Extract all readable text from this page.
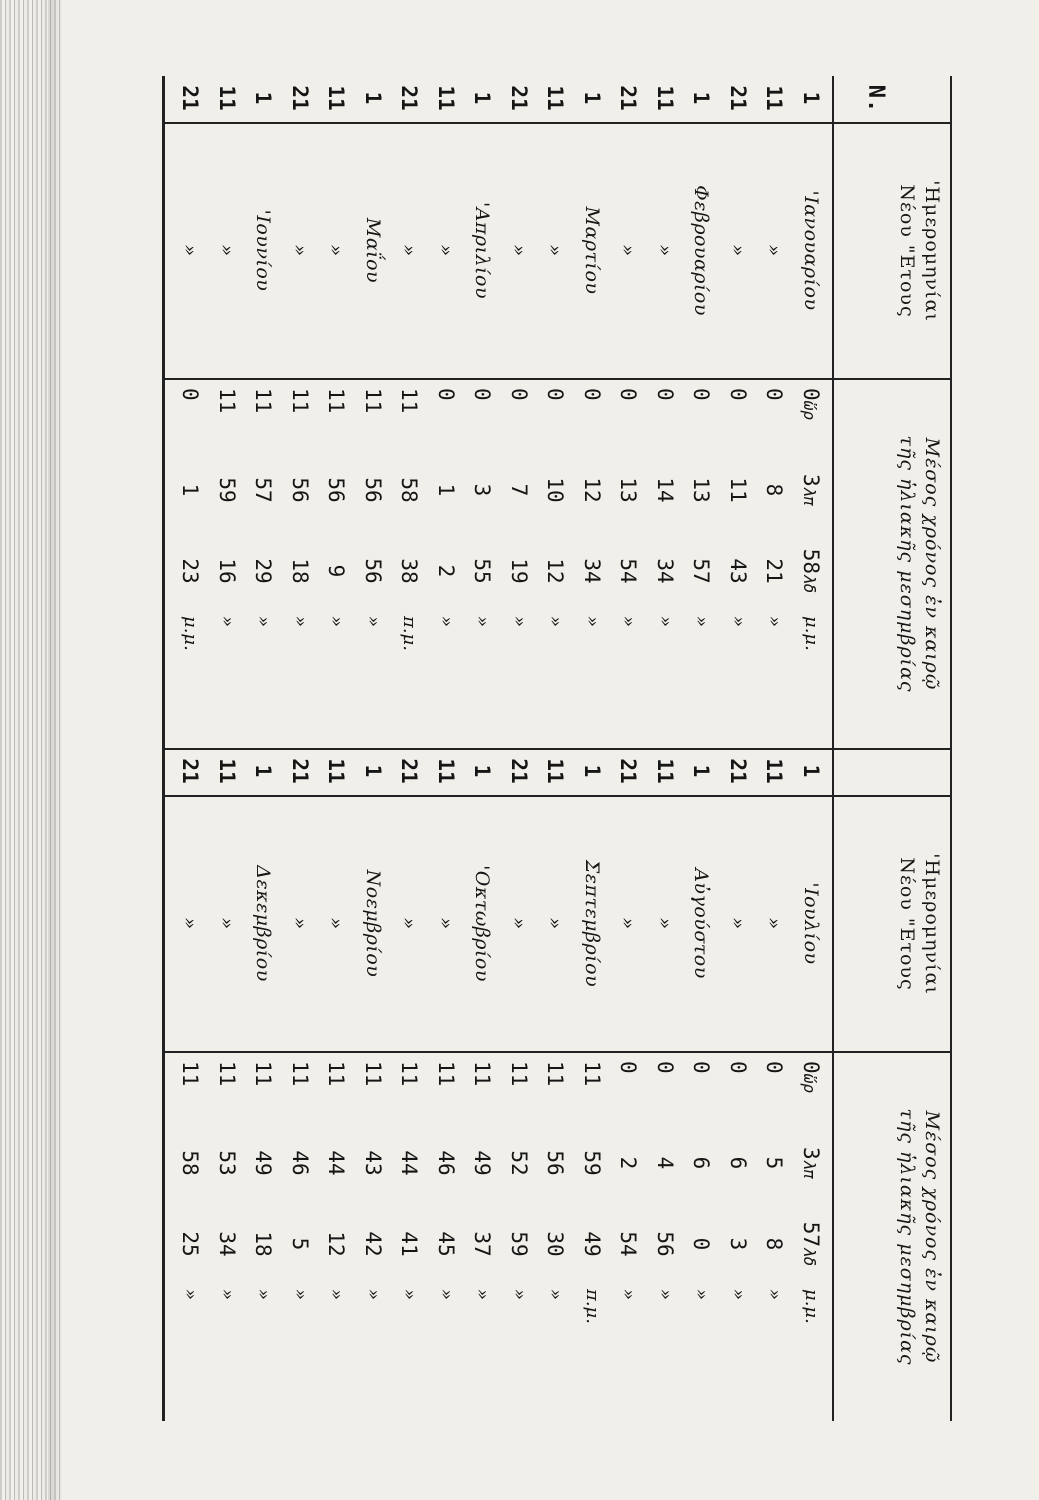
Ν.
'Ημερομηνίαι
Νέου "Ετους
Μέσος χρόνος ἐν καιρῷ
τῆς ἡλιακῆς μεσημβρίας
1
'Ιανουαρίου
0ὥρ
3λπ
58λδ
μ.μ.
11
»
0
8
21
»
21
»
0
11
43
»
1
Φεβρουαρίου
0
13
57
»
11
»
0
14
34
»
21
»
0
13
54
»
1
Μαρτίου
0
12
34
»
11
»
0
10
12
»
21
»
0
7
19
»
1
'Απριλίου
0
3
55
»
11
»
0
1
2
»
21
»
11
58
38
π.μ.
1
Μαΐου
11
56
56
»
11
»
11
56
9
»
21
»
11
56
18
»
1
'Ιουνίου
11
57
29
»
11
»
11
59
16
»
21
»
0
1
23
μ.μ.
'Ημερομηνίαι
Νέου "Ετους
Μέσος χρόνος ἐν καιρῷ
τῆς ἡλιακῆς μεσημβρίας
'Ιουλίου
0ὥρ
3λπ
57λδ
μ.μ.
»
0
5
8
»
»
0
6
3
»
Αὐγούστου
0
6
0
»
»
0
4
56
»
»
0
2
54
»
Σεπτεμβρίου
11
59
49
π.μ.
»
11
56
30
»
»
11
52
59
»
'Οκτωβρίου
11
49
37
»
»
11
46
45
»
»
11
44
41
»
Νοεμβρίου
11
43
42
»
»
11
44
12
»
»
11
46
5
»
Δεκεμβρίου
11
49
18
»
»
11
53
34
»
»
11
58
25
»
1
11
21
1
11
21
1
11
21
1
11
21
1
11
21
1
11
21
